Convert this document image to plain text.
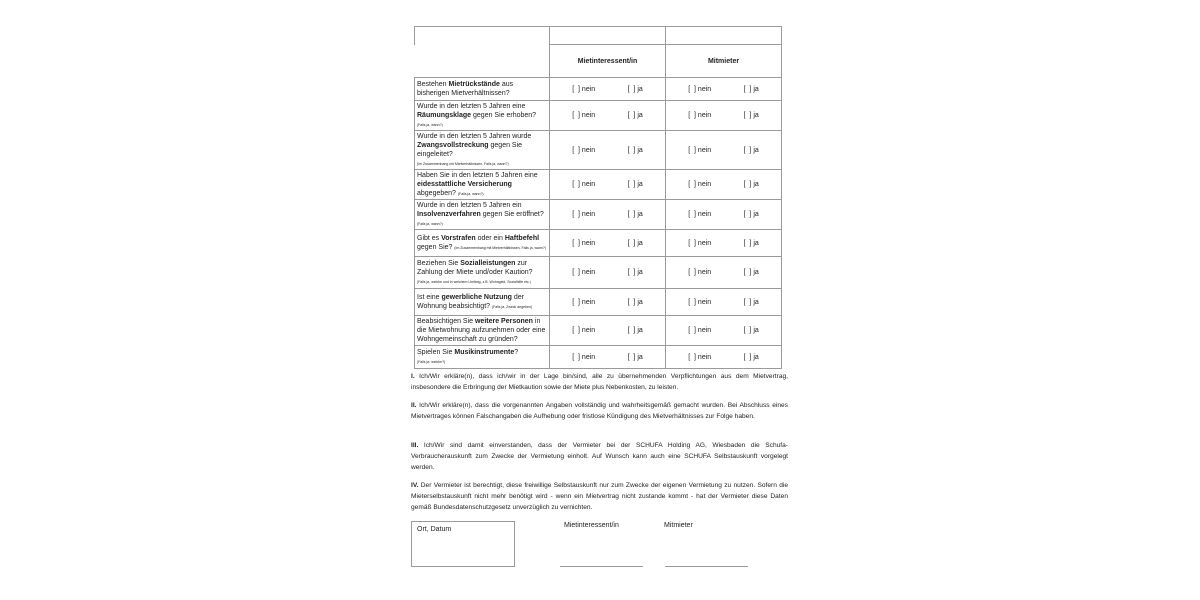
	Mietinteressent/in	Mitmieter
Bestehen Mietrückstände aus bisherigen Mietverhältnissen?	[  ] nein [  ] ja	[  ] nein [  ] ja

Wurde in den letzten 5 Jahren eine Räumungsklage gegen Sie erhoben?
(Falls ja, wann?)	[  ] nein [  ] ja	[  ] nein [  ] ja

Wurde in den letzten 5 Jahren wurde Zwangsvollstreckung gegen Sie eingeleitet?
(Im Zusammenhang mit Mietverhältnissen. Falls ja, wann?)	[  ] nein [  ] ja	[  ] nein [  ] ja

Haben Sie in den letzten 5 Jahren eine eidesstattliche Versicherung abgegeben? (Falls ja, wann?)	[  ] nein [  ] ja	[  ] nein [  ] ja

Wurde in den letzten 5 Jahren ein Insolvenzverfahren gegen Sie eröffnet?
(Falls ja, wann?)	[  ] nein [  ] ja	[  ] nein [  ] ja

Gibt es Vorstrafen oder ein Haftbefehl gegen Sie? (Im Zusammenhang mit Mietverhältnissen. Falls ja, wann?)	[  ] nein [  ] ja	[  ] nein [  ] ja

Beziehen Sie Sozialleistungen zur Zahlung der Miete und/oder Kaution?
(Falls ja, welche und in welchem Umfang, z.B. Wohngeld, Sozialhilfe etc.)	[  ] nein [  ] ja	[  ] nein [  ] ja

Ist eine gewerbliche Nutzung der Wohnung beabsichtigt? (Falls ja, Zweck angeben)	[  ] nein [  ] ja	[  ] nein [  ] ja

Beabsichtigen Sie weitere Personen in die Mietwohnung aufzunehmen oder eine Wohngemeinschaft zu gründen?	[  ] nein [  ] ja	[  ] nein [  ] ja

Spielen Sie Musikinstrumente?
(Falls ja: welche?)	[  ] nein [  ] ja	[  ] nein [  ] ja
I. Ich/Wir erkläre(n), dass ich/wir in der Lage bin/sind, alle zu übernehmenden Verpflichtungen aus dem Mietvertrag, insbesondere die Erbringung der Mietkaution sowie der Miete plus Nebenkosten, zu leisten.
II. Ich/Wir erkläre(n), dass die vorgenannten Angaben vollständig und wahrheitsgemäß gemacht wurden. Bei Abschluss eines Mietvertrages können Falschangaben die Aufhebung oder fristlose Kündigung des Mietverhältnisses zur Folge haben.
III. Ich/Wir sind damit einverstanden, dass der Vermieter bei der SCHUFA Holding AG, Wiesbaden die Schufa-Verbraucherauskunft zum Zwecke der Vermietung einholt. Auf Wunsch kann auch eine SCHUFA Selbstauskunft vorgelegt werden.
IV. Der Vermieter ist berechtigt, diese freiwillige Selbstauskunft nur zum Zwecke der eigenen Vermietung zu nutzen. Sofern die Mieterselbstauskunft nicht mehr benötigt wird - wenn ein Mietvertrag nicht zustande kommt - hat der Vermieter diese Daten gemäß Bundesdatenschutzgesetz unverzüglich zu vernichten.
Ort, Datum
Mietinteressent/in	Mitmieter
